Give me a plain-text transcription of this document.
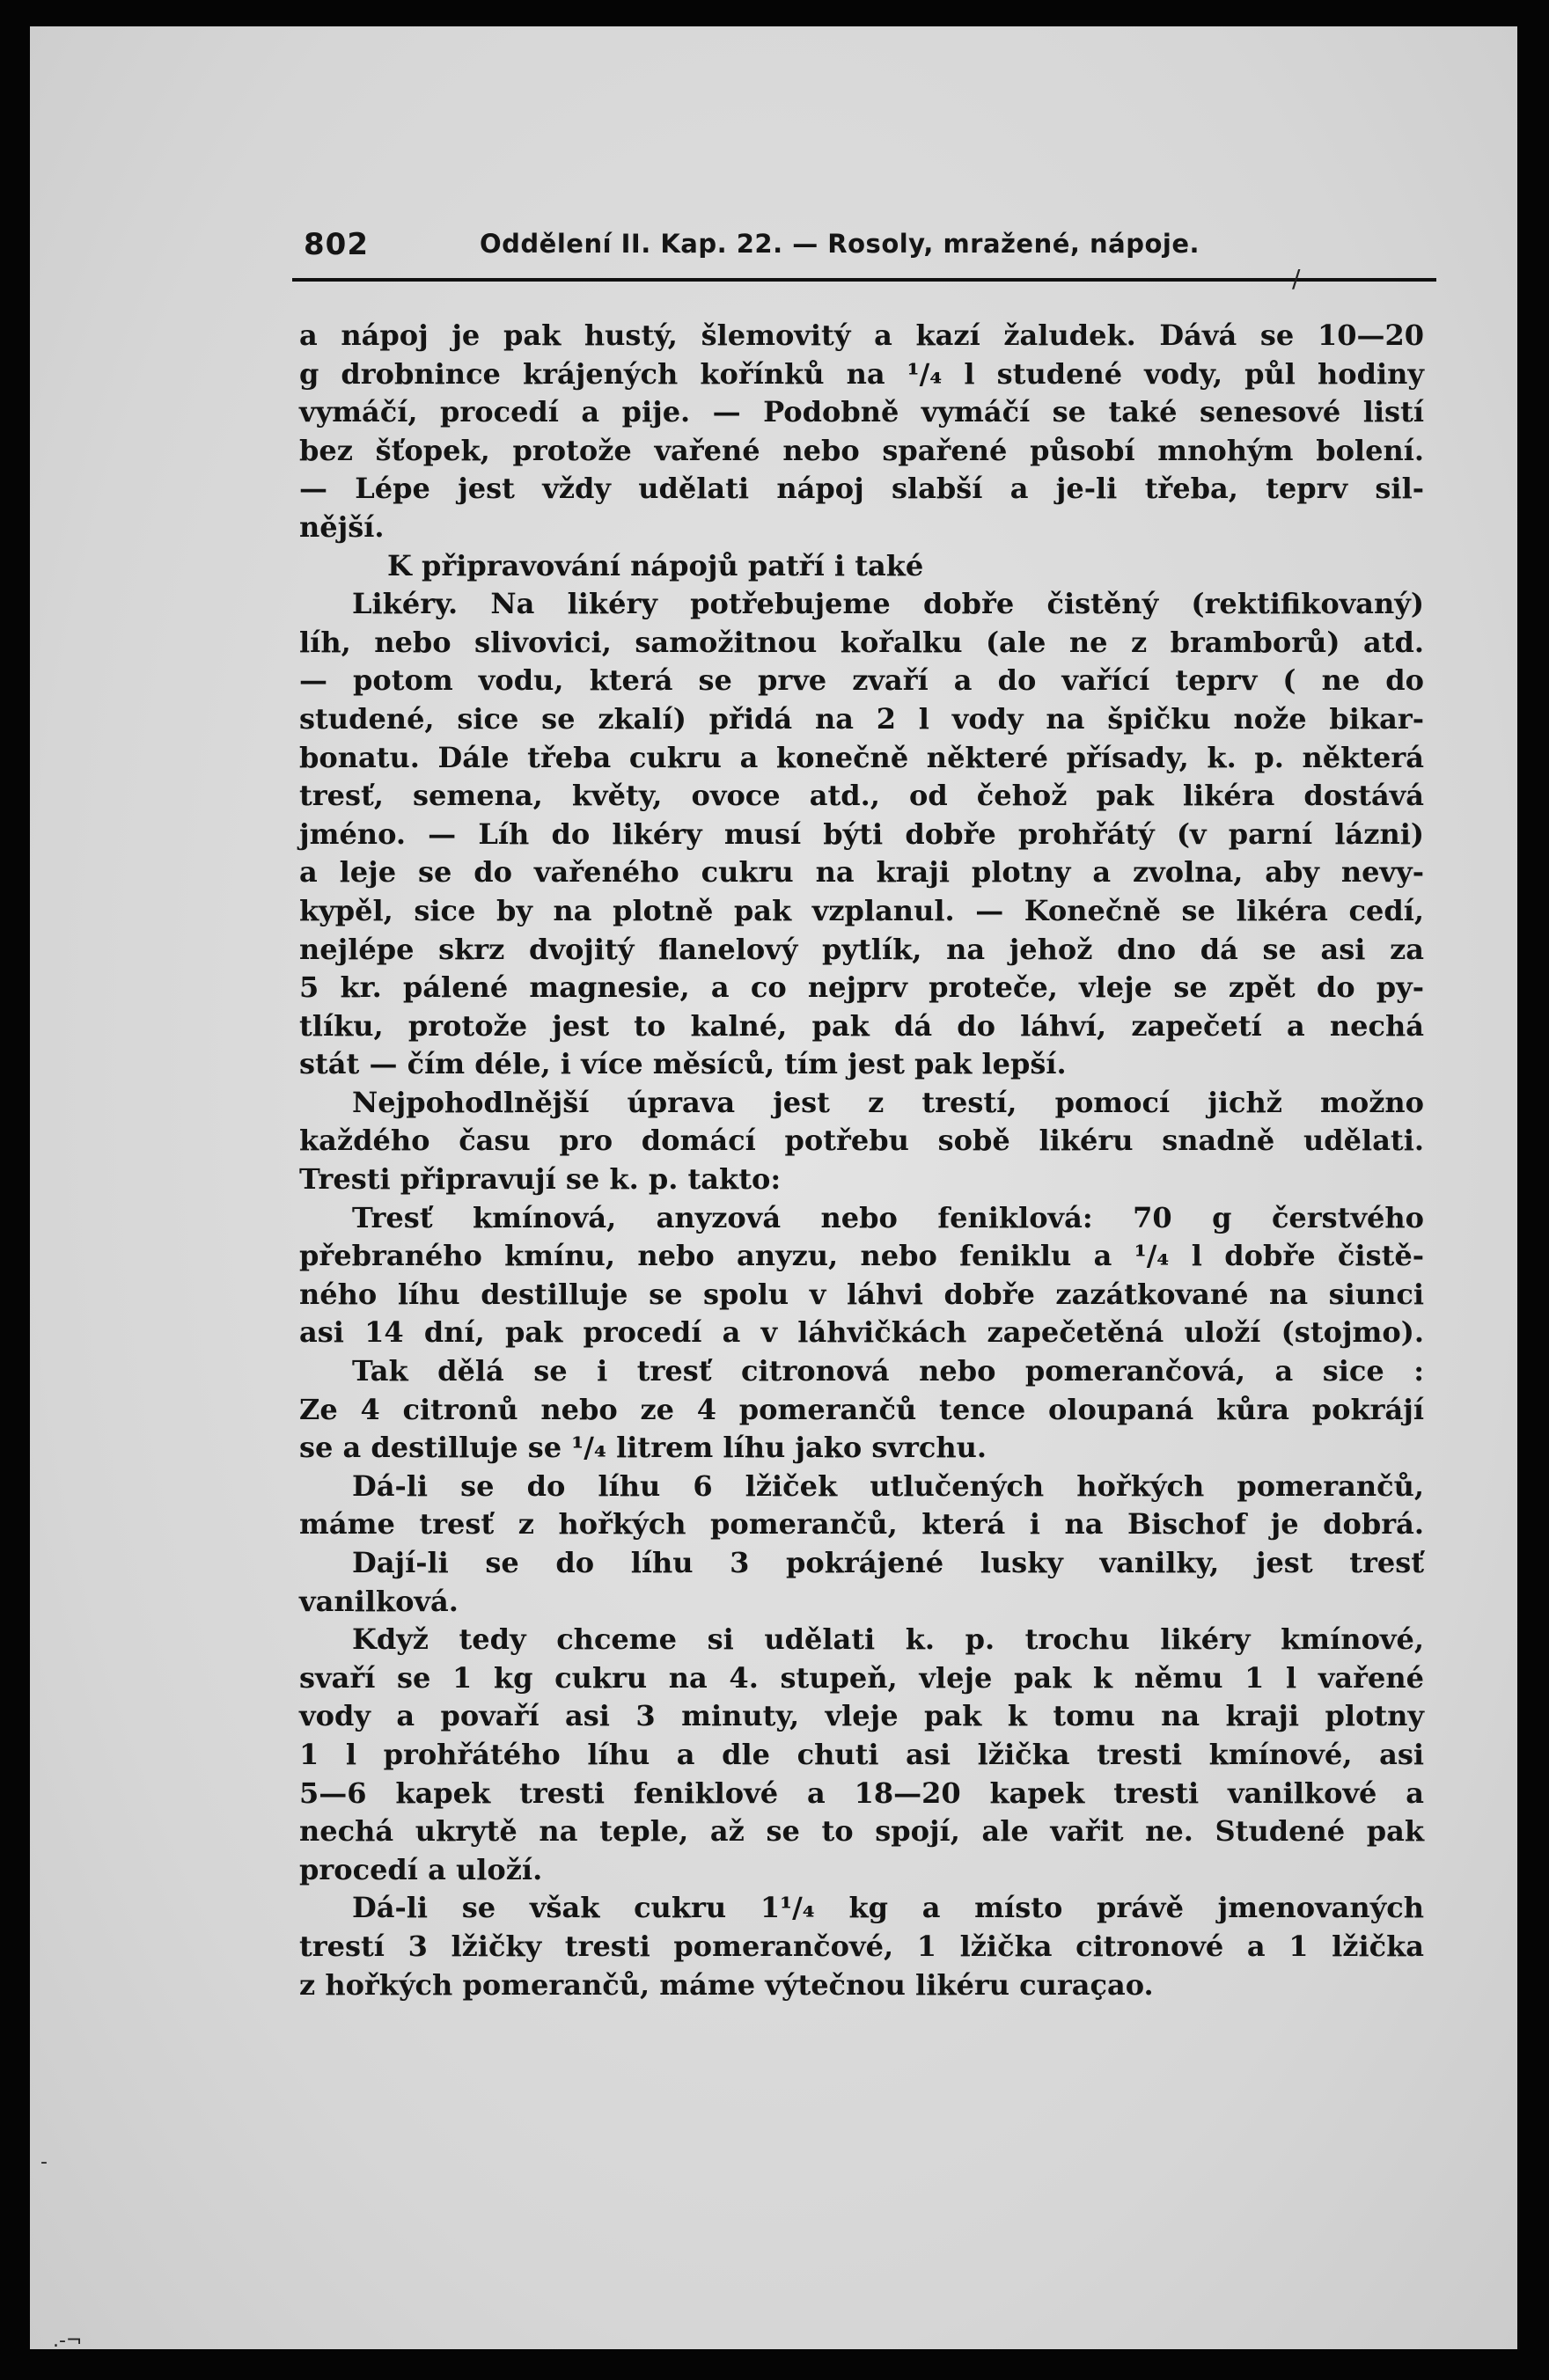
802	Oddělení II. Kap. 22. — Rosoly, mražené, nápoje.
a nápoj je pak hustý, šlemovitý a kazí žaludek. Dává se 10—20
g drobnince krájených kořínků na ¹/₄ l studené vody, půl hodiny
vymáčí, procedí a pije. — Podobně vymáčí se také senesové listí
bez šťopek, protože vařené nebo spařené působí mnohým bolení.
— Lépe jest vždy udělati nápoj slabší a je-li třeba, teprv sil-
nější.
K připravování nápojů patří i také
Likéry. Na likéry potřebujeme dobře čistěný (rektifikovaný)
líh, nebo slivovici, samožitnou kořalku (ale ne z bramborů) atd.
— potom vodu, která se prve zvaří a do vařící teprv ( ne do
studené, sice se zkalí) přidá na 2 l vody na špičku nože bikar-
bonatu. Dále třeba cukru a konečně některé přísady, k. p. některá
tresť, semena, květy, ovoce atd., od čehož pak likéra dostává
jméno. — Líh do likéry musí býti dobře prohřátý (v parní lázni)
a leje se do vařeného cukru na kraji plotny a zvolna, aby nevy-
kypěl, sice by na plotně pak vzplanul. — Konečně se likéra cedí,
nejlépe skrz dvojitý flanelový pytlík, na jehož dno dá se asi za
5 kr. pálené magnesie, a co nejprv proteče, vleje se zpět do py-
tlíku, protože jest to kalné, pak dá do láhví, zapečetí a nechá
stát — čím déle, i více měsíců, tím jest pak lepší.
Nejpohodlnější úprava jest z trestí, pomocí jichž možno
každého času pro domácí potřebu sobě likéru snadně udělati.
Tresti připravují se k. p. takto:
Tresť kmínová, anyzová nebo feniklová: 70 g čerstvého
přebraného kmínu, nebo anyzu, nebo feniklu a ¹/₄ l dobře čistě-
ného líhu destilluje se spolu v láhvi dobře zazátkované na siunci
asi 14 dní, pak procedí a v láhvičkách zapečetěná uloží (stojmo).
Tak dělá se i tresť citronová nebo pomerančová, a sice :
Ze 4 citronů nebo ze 4 pomerančů tence oloupaná kůra pokrájí
se a destilluje se ¹/₄ litrem líhu jako svrchu.
Dá-li se do líhu 6 lžiček utlučených hořkých pomerančů,
máme tresť z hořkých pomerančů, která i na Bischof je dobrá.
Dají-li se do líhu 3 pokrájené lusky vanilky, jest tresť
vanilková.
Když tedy chceme si udělati k. p. trochu likéry kmínové,
svaří se 1 kg cukru na 4. stupeň, vleje pak k němu 1 l vařené
vody a povaří asi 3 minuty, vleje pak k tomu na kraji plotny
1 l prohřátého líhu a dle chuti asi lžička tresti kmínové, asi
5—6 kapek tresti feniklové a 18—20 kapek tresti vanilkové a
nechá ukrytě na teple, až se to spojí, ale vařit ne. Studené pak
procedí a uloží.
Dá-li se však cukru 1¹/₄ kg a místo právě jmenovaných
trestí 3 lžičky tresti pomerančové, 1 lžička citronové a 1 lžička
z hořkých pomerančů, máme výtečnou likéru curaçao.
/
.-¬
-
